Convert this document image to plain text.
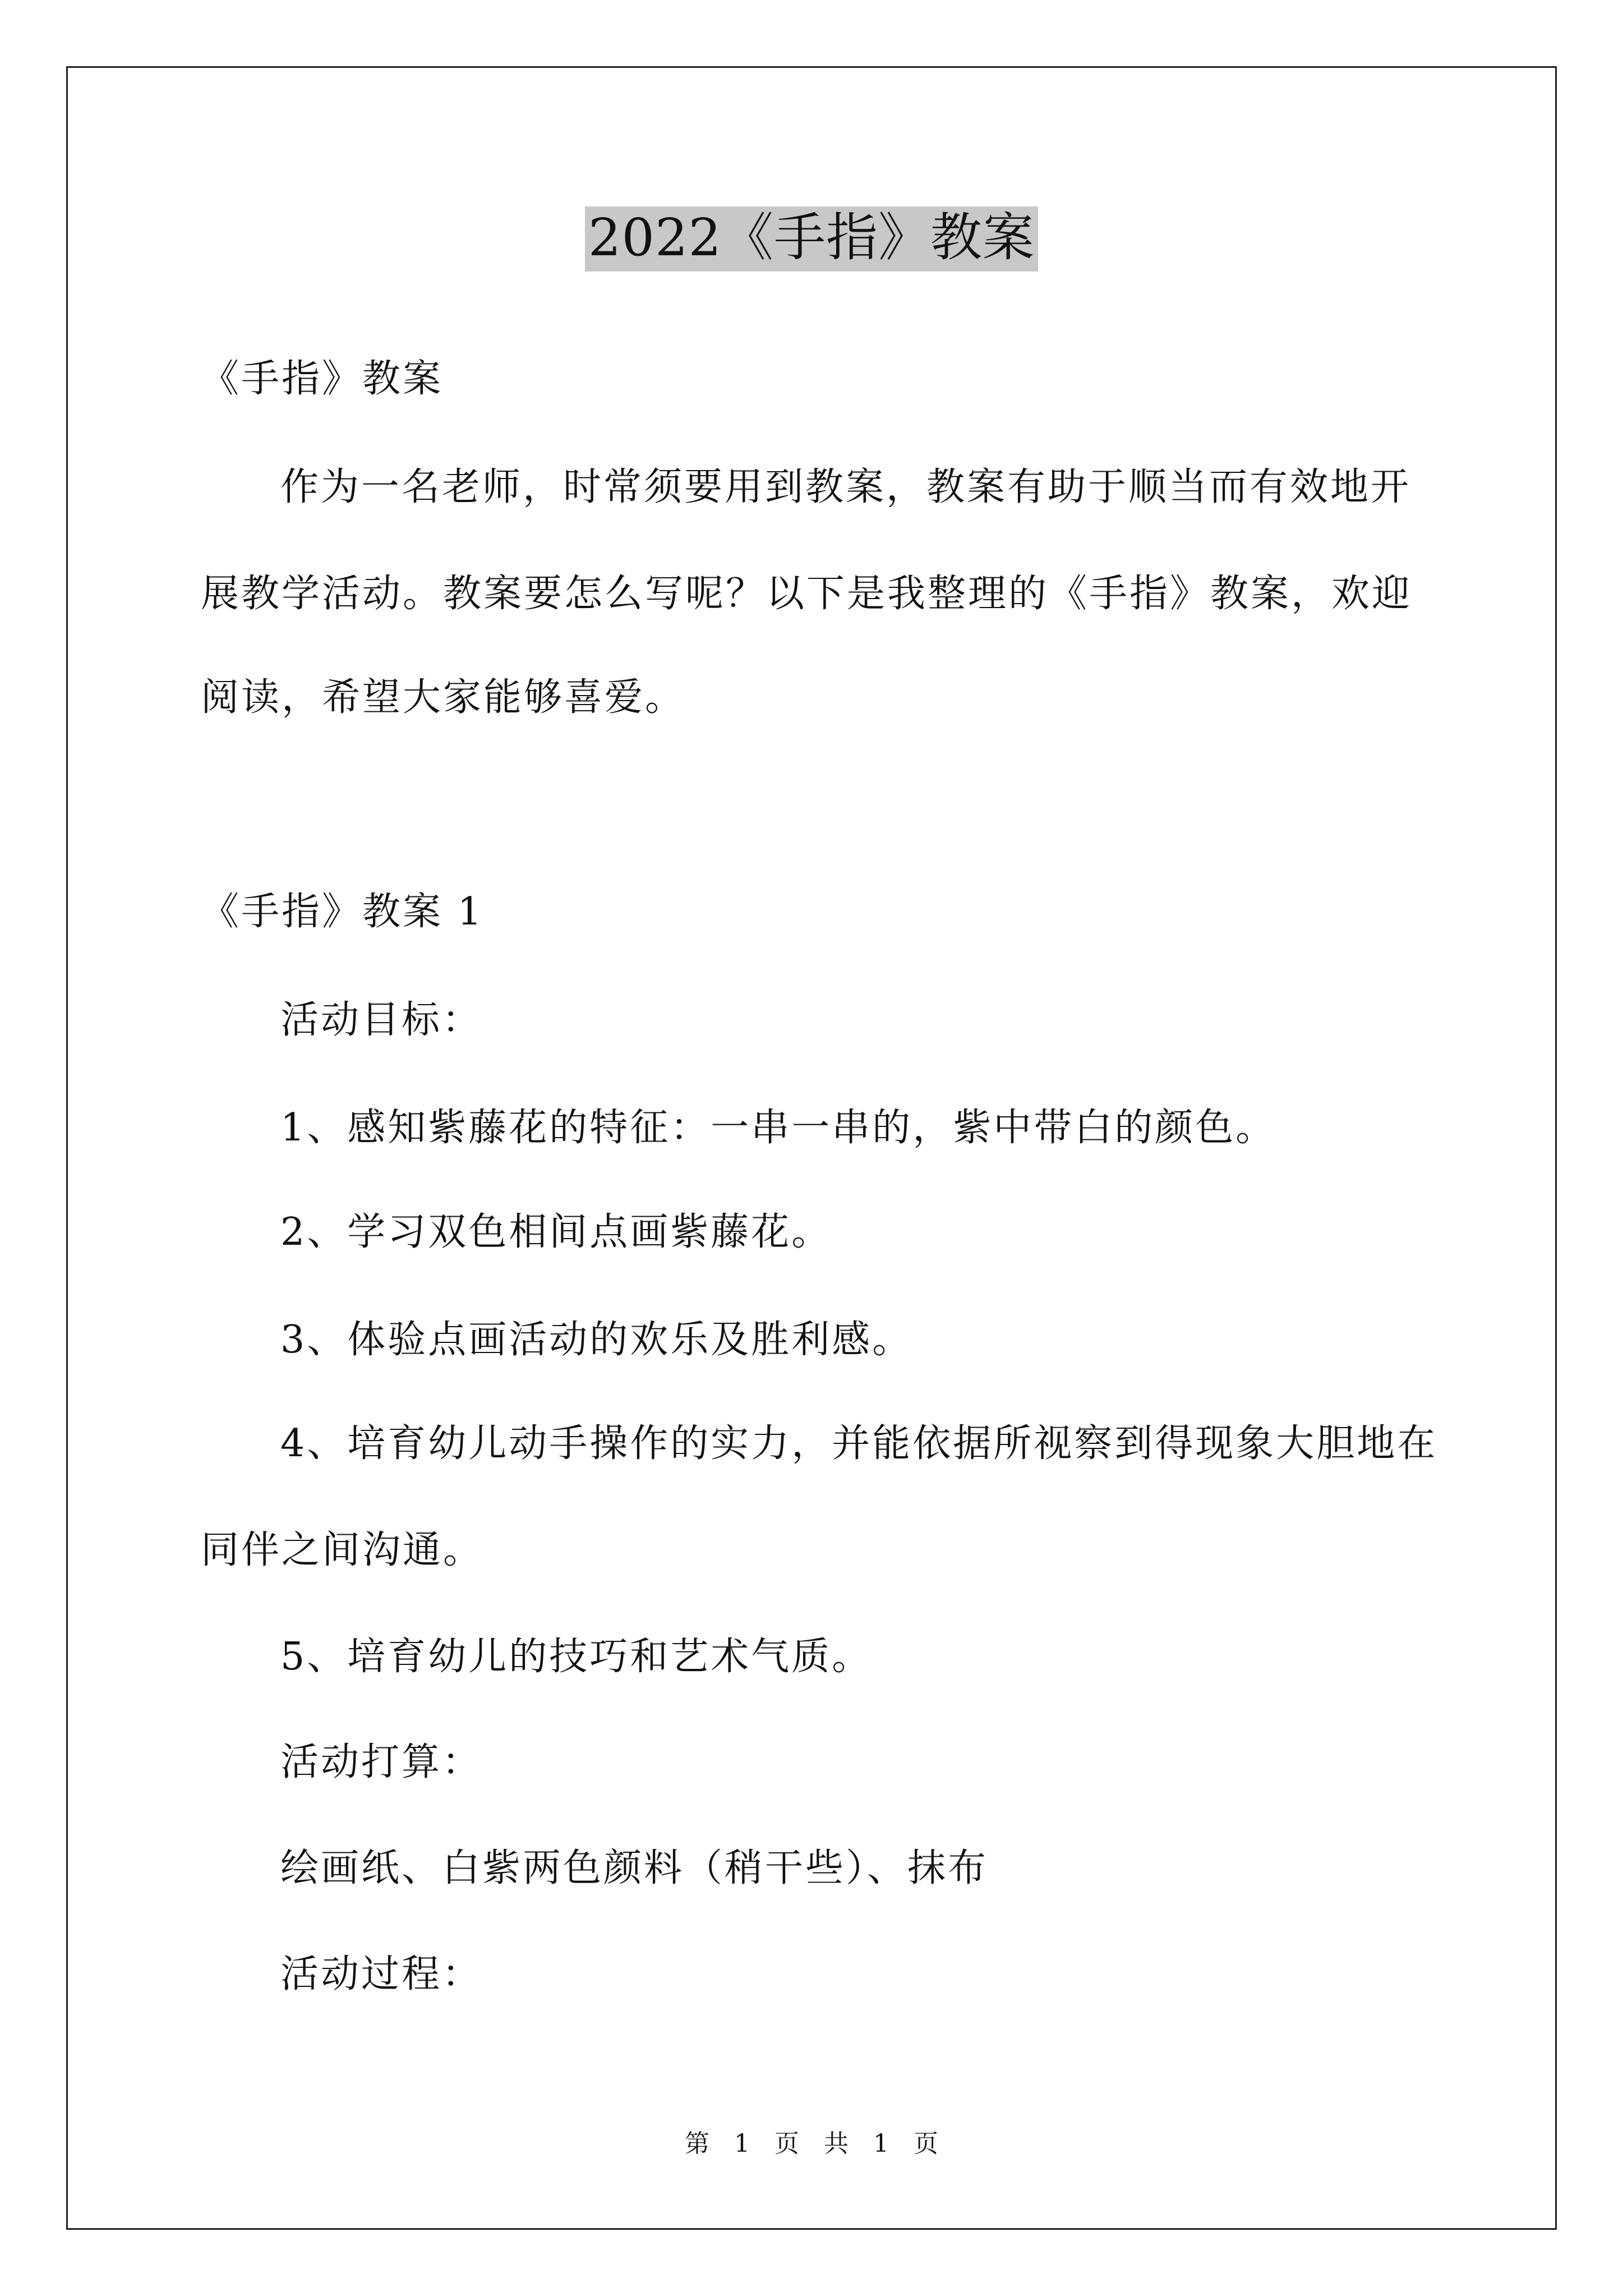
2022《手指》教案
《手指》教案
作为一名老师，时常须要用到教案，教案有助于顺当而有效地开
展教学活动。教案要怎么写呢？以下是我整理的《手指》教案，欢迎
阅读，希望大家能够喜爱。
《手指》教案 1
活动目标：
1、感知紫藤花的特征：一串一串的，紫中带白的颜色。
2、学习双色相间点画紫藤花。
3、体验点画活动的欢乐及胜利感。
4、培育幼儿动手操作的实力，并能依据所视察到得现象大胆地在
同伴之间沟通。
5、培育幼儿的技巧和艺术气质。
活动打算：
绘画纸、白紫两色颜料（稍干些）、抹布
活动过程：
第 1 页 共 1 页
